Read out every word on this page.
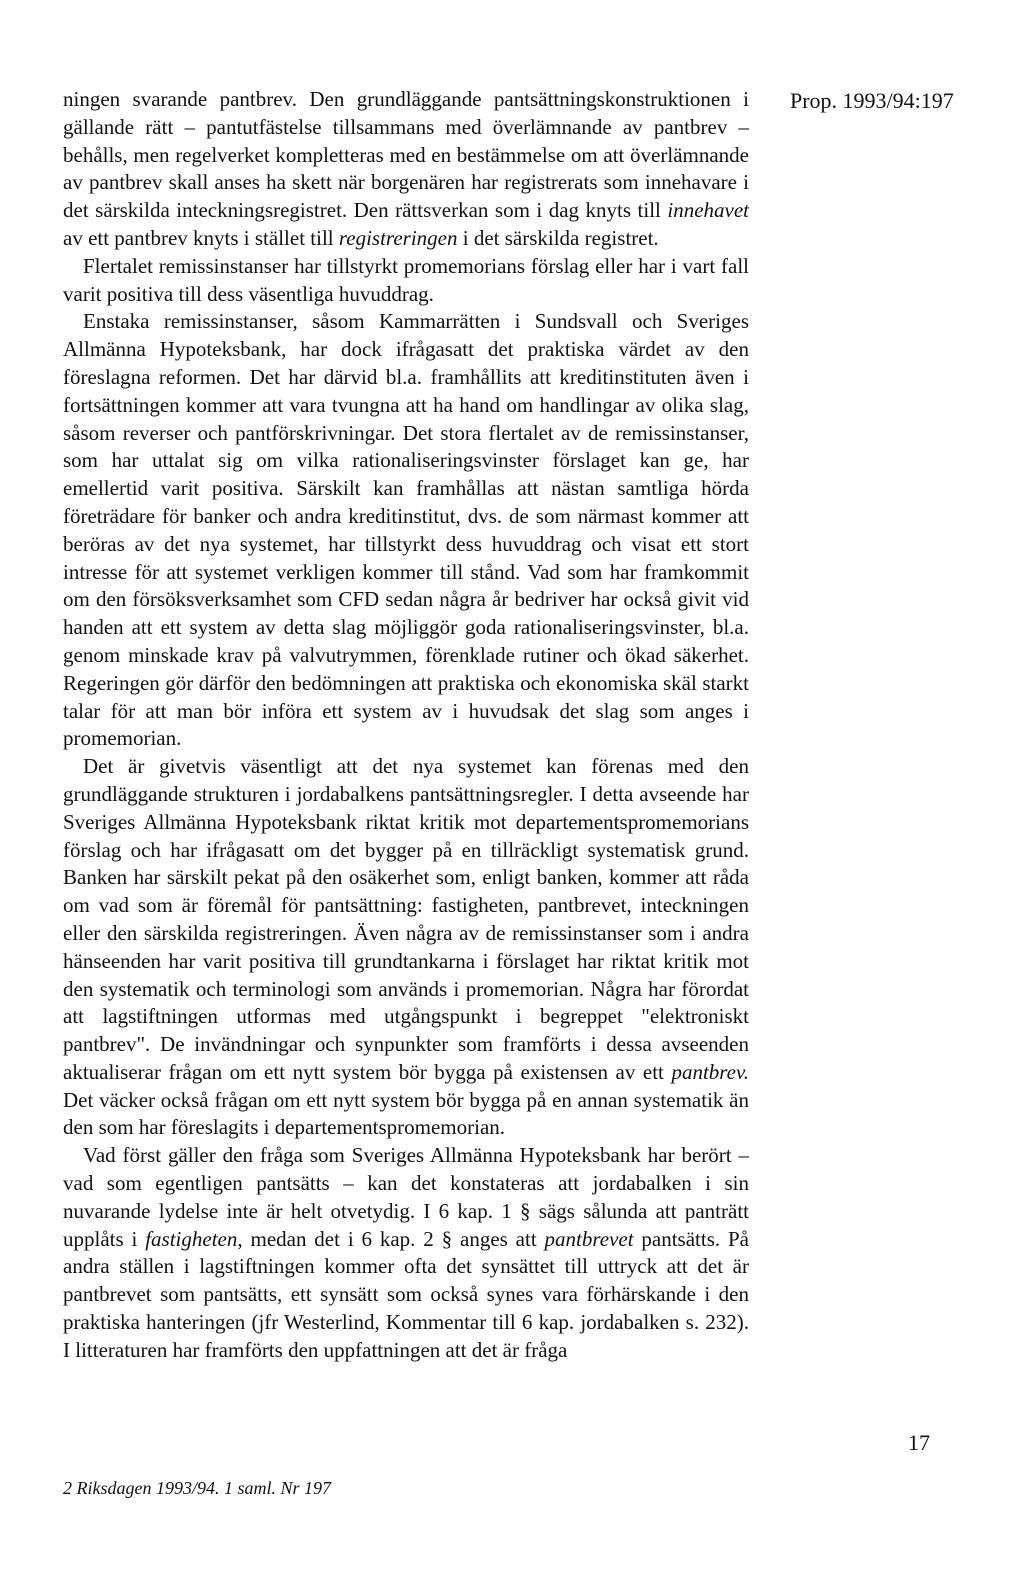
Prop. 1993/94:197

ningen svarande pantbrev. Den grundläggande pantsättningskonstruktionen i gällande rätt – pantutfästelse tillsammans med överlämnande av pantbrev – behålls, men regelverket kompletteras med en bestämmelse om att överlämnande av pantbrev skall anses ha skett när borgenären har registrerats som innehavare i det särskilda inteckningsregistret. Den rättsverkan som i dag knyts till innehavet av ett pantbrev knyts i stället till registreringen i det särskilda registret.

Flertalet remissinstanser har tillstyrkt promemorians förslag eller har i vart fall varit positiva till dess väsentliga huvuddrag.

Enstaka remissinstanser, såsom Kammarrätten i Sundsvall och Sveriges Allmänna Hypoteksbank, har dock ifrågasatt det praktiska värdet av den föreslagna reformen. Det har därvid bl.a. framhållits att kreditinstituten även i fortsättningen kommer att vara tvungna att ha hand om handlingar av olika slag, såsom reverser och pantförskrivningar. Det stora flertalet av de remissinstanser, som har uttalat sig om vilka rationaliseringsvinster förslaget kan ge, har emellertid varit positiva. Särskilt kan framhållas att nästan samtliga hörda företrädare för banker och andra kreditinstitut, dvs. de som närmast kommer att beröras av det nya systemet, har tillstyrkt dess huvuddrag och visat ett stort intresse för att systemet verkligen kommer till stånd. Vad som har framkommit om den försöksverksamhet som CFD sedan några år bedriver har också givit vid handen att ett system av detta slag möjliggör goda rationaliseringsvinster, bl.a. genom minskade krav på valvutrymmen, förenklade rutiner och ökad säkerhet. Regeringen gör därför den bedömningen att praktiska och ekonomiska skäl starkt talar för att man bör införa ett system av i huvudsak det slag som anges i promemorian.

Det är givetvis väsentligt att det nya systemet kan förenas med den grundläggande strukturen i jordabalkens pantsättningsregler. I detta avseende har Sveriges Allmänna Hypoteksbank riktat kritik mot departementspromemorians förslag och har ifrågasatt om det bygger på en tillräckligt systematisk grund. Banken har särskilt pekat på den osäkerhet som, enligt banken, kommer att råda om vad som är föremål för pantsättning: fastigheten, pantbrevet, inteckningen eller den särskilda registreringen. Även några av de remissinstanser som i andra hänseenden har varit positiva till grundtankarna i förslaget har riktat kritik mot den systematik och terminologi som används i promemorian. Några har förordat att lagstiftningen utformas med utgångspunkt i begreppet "elektroniskt pantbrev". De invändningar och synpunkter som framförts i dessa avseenden aktualiserar frågan om ett nytt system bör bygga på existensen av ett pantbrev. Det väcker också frågan om ett nytt system bör bygga på en annan systematik än den som har föreslagits i departementspromemorian.

Vad först gäller den fråga som Sveriges Allmänna Hypoteksbank har berört – vad som egentligen pantsätts – kan det konstateras att jordabalken i sin nuvarande lydelse inte är helt otvetydig. I 6 kap. 1 § sägs sålunda att panträtt upplåts i fastigheten, medan det i 6 kap. 2 § anges att pantbrevet pantsätts. På andra ställen i lagstiftningen kommer ofta det synsättet till uttryck att det är pantbrevet som pantsätts, ett synsätt som också synes vara förhärskande i den praktiska hanteringen (jfr Westerlind, Kommentar till 6 kap. jordabalken s. 232). I litteraturen har framförts den uppfattningen att det är fråga

17
2 Riksdagen 1993/94. 1 saml. Nr 197
